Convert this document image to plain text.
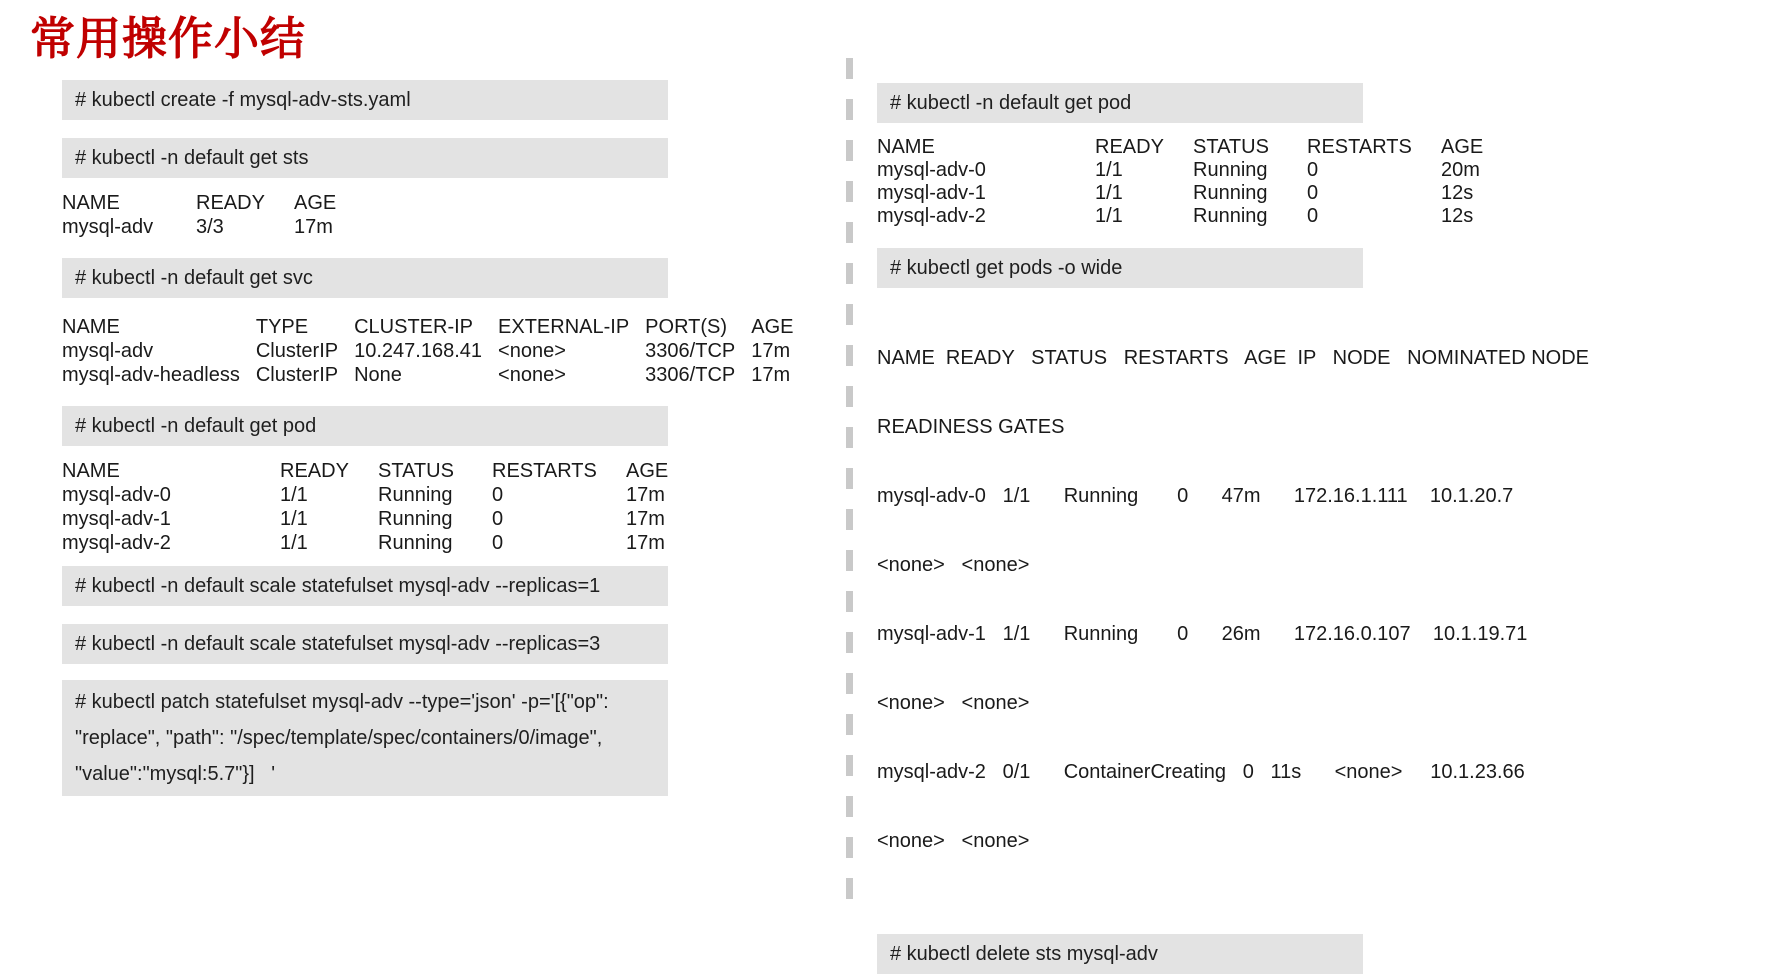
常用操作小结
# kubectl create -f mysql-adv-sts.yaml
# kubectl -n default get sts
NAME	READY	AGE
mysql-adv	3/3	17m
# kubectl -n default get svc
NAME	TYPE	CLUSTER-IP	EXTERNAL-IP	PORT(S)	AGE
mysql-adv	ClusterIP	10.247.168.41	<none>	3306/TCP	17m
mysql-adv-headless	ClusterIP	None	<none>	3306/TCP	17m
# kubectl -n default get pod
NAME	READY	STATUS	RESTARTS	AGE
mysql-adv-0	1/1	Running	0	17m
mysql-adv-1	1/1	Running	0	17m
mysql-adv-2	1/1	Running	0	17m
# kubectl -n default scale statefulset mysql-adv --replicas=1
# kubectl -n default scale statefulset mysql-adv --replicas=3
# kubectl patch statefulset mysql-adv --type='json' -p='[{"op":
"replace", "path": "/spec/template/spec/containers/0/image",
"value":"mysql:5.7"}]   '
# kubectl -n default get pod
NAME	READY	STATUS	RESTARTS	AGE
mysql-adv-0	1/1	Running	0	20m
mysql-adv-1	1/1	Running	0	12s
mysql-adv-2	1/1	Running	0	12s
# kubectl get pods -o wide

NAME  READY   STATUS   RESTARTS   AGE  IP   NODE   NOMINATED NODE

READINESS GATES

mysql-adv-0   1/1      Running       0      47m      172.16.1.111    10.1.20.7

<none>   <none>

mysql-adv-1   1/1      Running       0      26m      172.16.0.107    10.1.19.71

<none>   <none>

mysql-adv-2   0/1      ContainerCreating   0   11s      <none>     10.1.23.66

<none>   <none>

# kubectl delete sts mysql-adv
